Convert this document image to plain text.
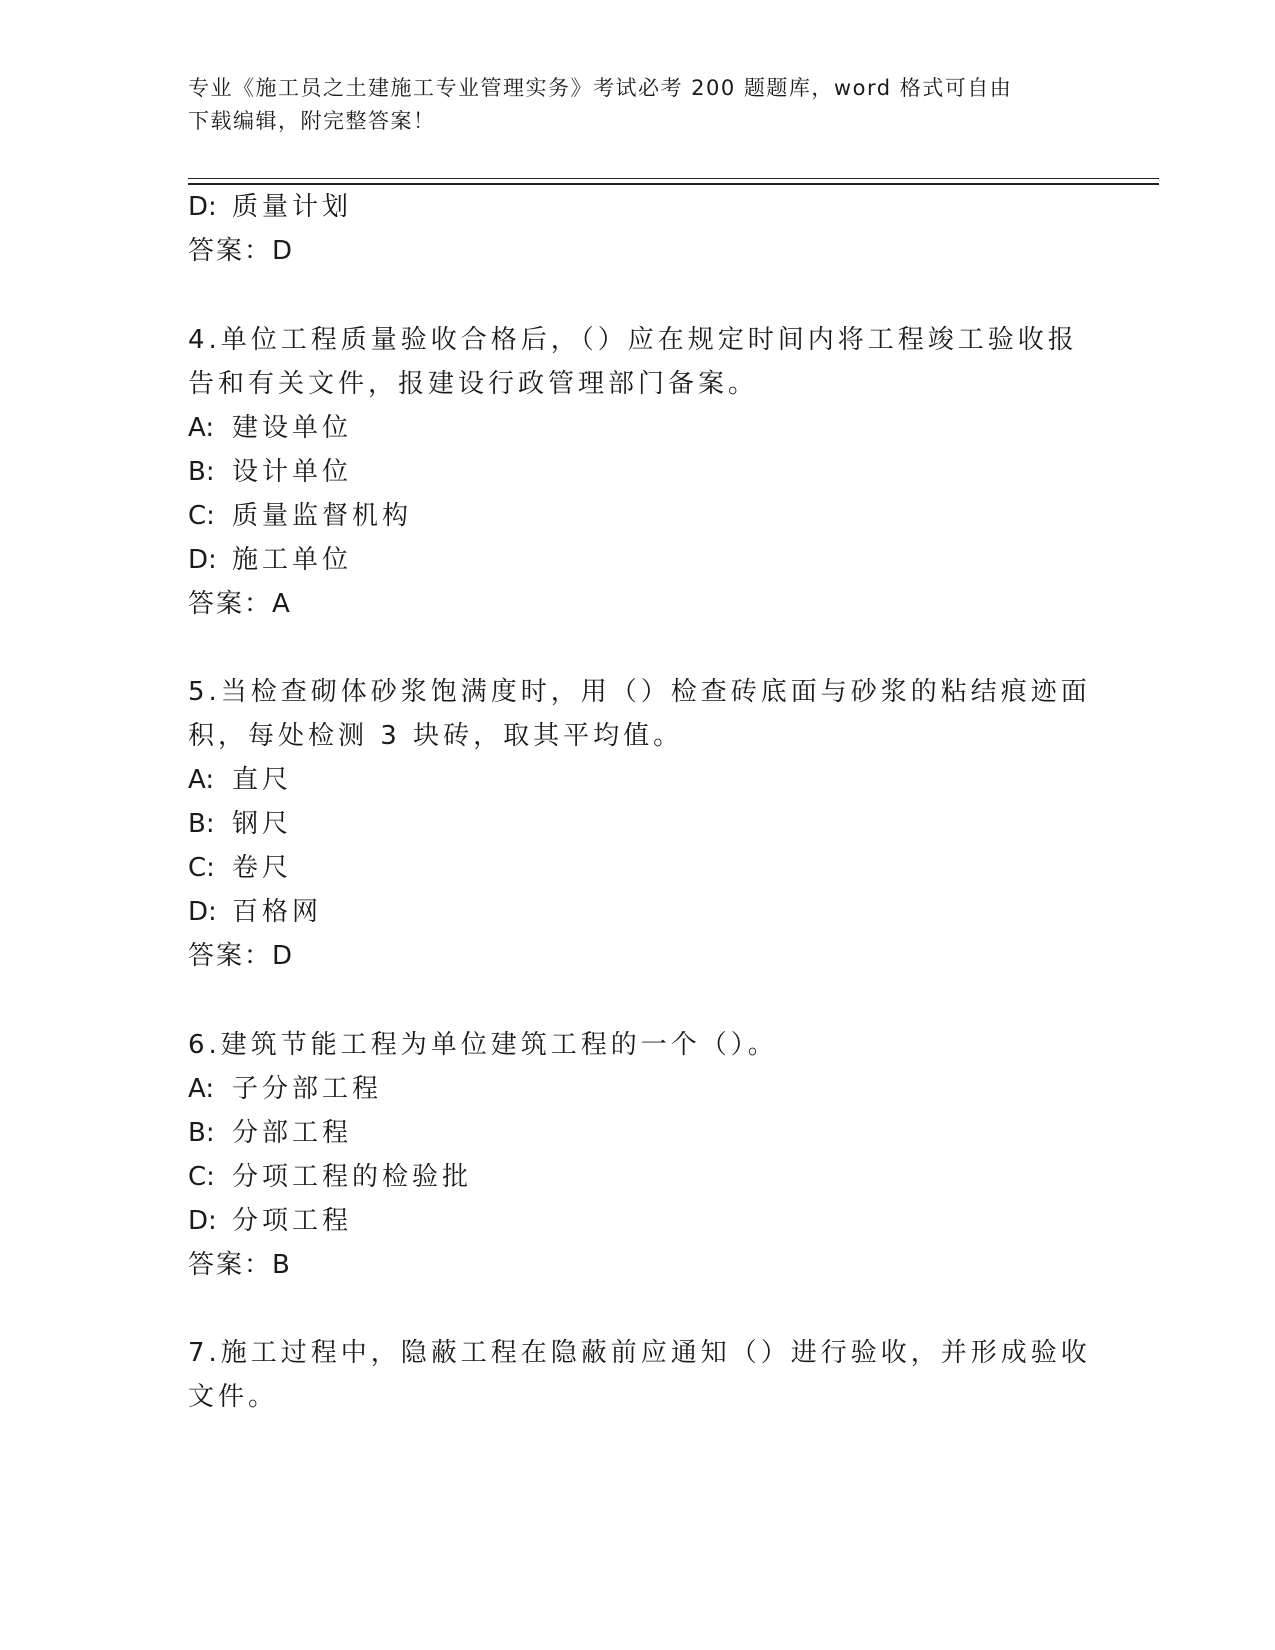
专业《施工员之土建施工专业管理实务》考试必考 200 题题库，word 格式可自由
下载编辑，附完整答案！
D: 质量计划
答案：D
4.单位工程质量验收合格后，（）应在规定时间内将工程竣工验收报
告和有关文件，报建设行政管理部门备案。
A: 建设单位
B: 设计单位
C: 质量监督机构
D: 施工单位
答案：A
5.当检查砌体砂浆饱满度时，用（）检查砖底面与砂浆的粘结痕迹面
积，每处检测 3 块砖，取其平均值。
A: 直尺
B: 钢尺
C: 卷尺
D: 百格网
答案：D
6.建筑节能工程为单位建筑工程的一个（）。
A: 子分部工程
B: 分部工程
C: 分项工程的检验批
D: 分项工程
答案：B
7.施工过程中，隐蔽工程在隐蔽前应通知（）进行验收，并形成验收
文件。
